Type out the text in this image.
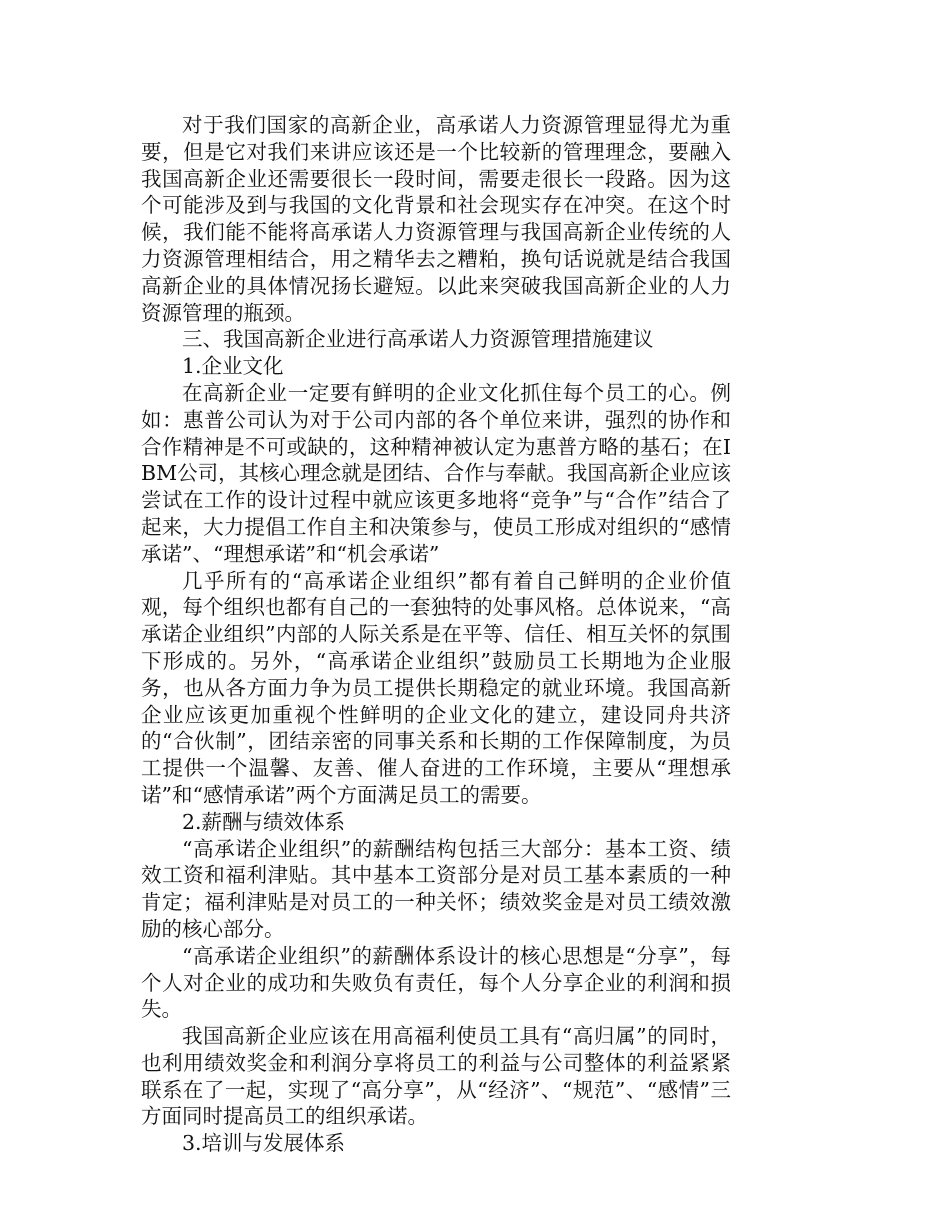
对于我们国家的高新企业，高承诺人力资源管理显得尤为重要，但是它对我们来讲应该还是一个比较新的管理理念，要融入我国高新企业还需要很长一段时间，需要走很长一段路。因为这个可能涉及到与我国的文化背景和社会现实存在冲突。在这个时候，我们能不能将高承诺人力资源管理与我国高新企业传统的人力资源管理相结合，用之精华去之糟粕，换句话说就是结合我国高新企业的具体情况扬长避短。以此来突破我国高新企业的人力资源管理的瓶颈。

三、我国高新企业进行高承诺人力资源管理措施建议

1.企业文化

在高新企业一定要有鲜明的企业文化抓住每个员工的心。例如：惠普公司认为对于公司内部的各个单位来讲，强烈的协作和合作精神是不可或缺的，这种精神被认定为惠普方略的基石；在IBM公司，其核心理念就是团结、合作与奉献。我国高新企业应该尝试在工作的设计过程中就应该更多地将“竞争”与“合作”结合了起来，大力提倡工作自主和决策参与，使员工形成对组织的“感情承诺”、“理想承诺”和“机会承诺”

几乎所有的“高承诺企业组织”都有着自己鲜明的企业价值观，每个组织也都有自己的一套独特的处事风格。总体说来，“高承诺企业组织”内部的人际关系是在平等、信任、相互关怀的氛围下形成的。另外，“高承诺企业组织”鼓励员工长期地为企业服务，也从各方面力争为员工提供长期稳定的就业环境。我国高新企业应该更加重视个性鲜明的企业文化的建立，建设同舟共济的“合伙制”，团结亲密的同事关系和长期的工作保障制度，为员工提供一个温馨、友善、催人奋进的工作环境，主要从“理想承诺”和“感情承诺”两个方面满足员工的需要。

2.薪酬与绩效体系

“高承诺企业组织”的薪酬结构包括三大部分：基本工资、绩效工资和福利津贴。其中基本工资部分是对员工基本素质的一种肯定；福利津贴是对员工的一种关怀；绩效奖金是对员工绩效激励的核心部分。

“高承诺企业组织”的薪酬体系设计的核心思想是“分享”，每个人对企业的成功和失败负有责任，每个人分享企业的利润和损失。

我国高新企业应该在用高福利使员工具有“高归属”的同时，也利用绩效奖金和利润分享将员工的利益与公司整体的利益紧紧联系在了一起，实现了“高分享”，从“经济”、“规范”、“感情”三方面同时提高员工的组织承诺。

3.培训与发展体系
